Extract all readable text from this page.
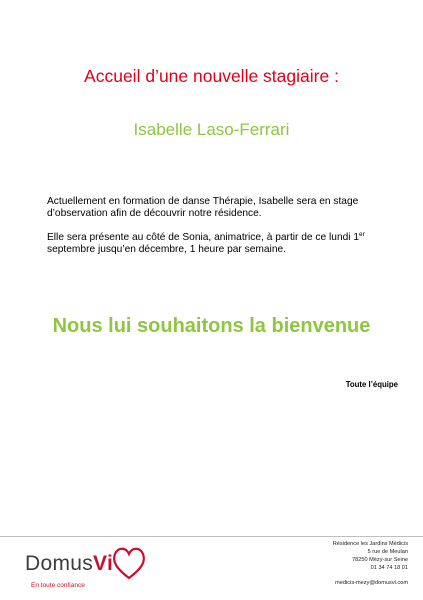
Accueil d’une nouvelle stagiaire :
Isabelle Laso-Ferrari

Actuellement en formation de danse Thérapie, Isabelle sera en stage d’observation afin de découvrir notre résidence.

Elle sera présente au côté de Sonia, animatrice, à partir de ce lundi 1er septembre jusqu’en décembre, 1 heure par semaine.

Nous lui souhaitons la bienvenue
Toute l’équipe
DomusVi
En toute confiance
Résidence les Jardins Médicis
5 rue de Meulan
78250 Mézy-sur Seine
01 34 74 18 01
medicis-mezy@domusvi.com
